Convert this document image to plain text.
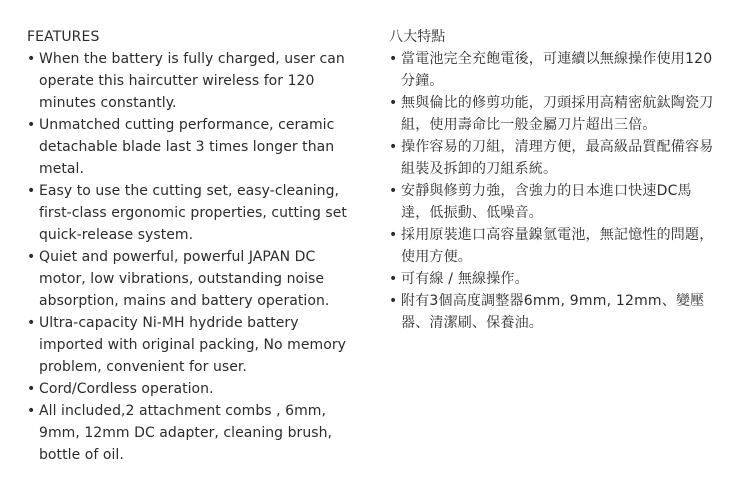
FEATURES
• When the battery is fully charged, user can operate this haircutter wireless for 120 minutes constantly.
• Unmatched cutting performance, ceramic detachable blade last 3 times longer than metal.
• Easy to use the cutting set, easy-cleaning, first-class ergonomic properties, cutting set quick-release system.
• Quiet and powerful, powerful JAPAN DC motor, low vibrations, outstanding noise absorption, mains and battery operation.
• Ultra-capacity Ni-MH hydride battery imported with original packing, No memory problem, convenient for user.
• Cord/Cordless operation.
• All included,2 attachment combs , 6mm, 9mm, 12mm DC adapter, cleaning brush, bottle of oil.
八大特點
• 當電池完全充飽電後，可連續以無線操作使用120分鐘。
• 無與倫比的修剪功能，刀頭採用高精密航鈦陶瓷刀組，使用壽命比一般金屬刀片超出三倍。
• 操作容易的刀組，清理方便，最高級品質配備容易組裝及拆卸的刀組系統。
• 安靜與修剪力強，含強力的日本進口快速DC馬達，低振動、低噪音。
• 採用原裝進口高容量鎳氫電池，無記憶性的問題，使用方便。
• 可有線 / 無線操作。
• 附有3個高度調整器6mm, 9mm, 12mm、變壓器、清潔刷、保養油。
